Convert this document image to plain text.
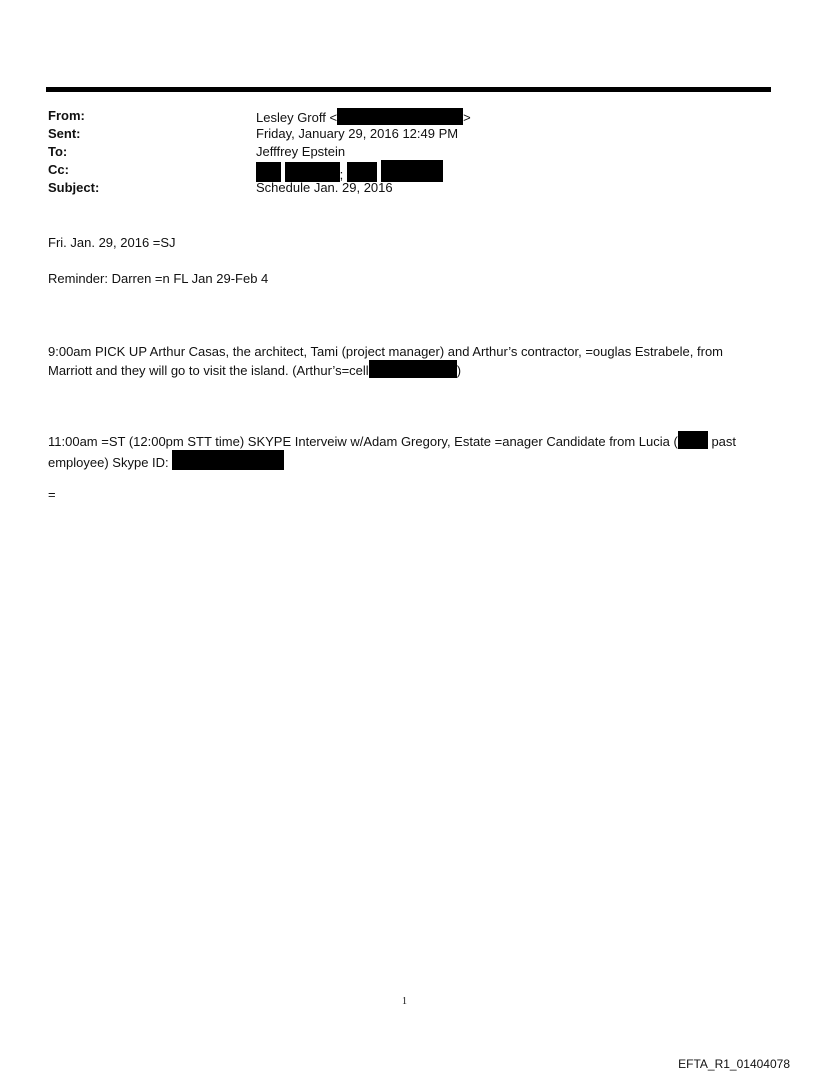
From:	Lesley Groff <	>
Sent:	Friday, January 29, 2016 12:49 PM
To:	Jefffrey Epstein
Cc:	;
Subject:	Schedule Jan. 29, 2016
Fri. Jan. 29, 2016 =SJ
Reminder: Darren =n FL Jan 29-Feb 4
9:00am PICK UP Arthur Casas, the architect, Tami (project manager) and Arthur’s contractor, =ouglas Estrabele, from
Marriott and they will go to visit the island. (Arthur’s=cell	)
11:00am =ST (12:00pm STT time) SKYPE Interveiw w/Adam Gregory, Estate =anager Candidate from Lucia (	past
employee) Skype ID:
=
1
EFTA_R1_01404078
